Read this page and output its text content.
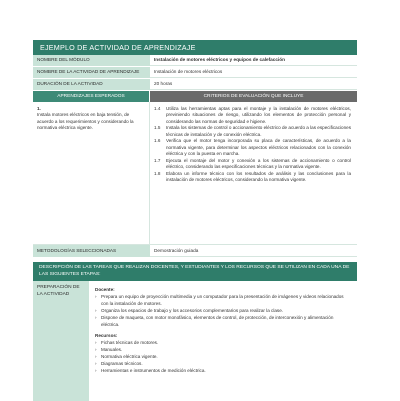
EJEMPLO DE ACTIVIDAD DE APRENDIZAJE
NOMBRE DEL MÓDULO	Instalación de motores eléctricos y equipos de calefacción
NOMBRE DE LA ACTIVIDAD DE APRENDIZAJE	Instalación de motores eléctricos
DURACIÓN DE LA ACTIVIDAD	20 horas
APRENDIZAJES ESPERADOS	CRITERIOS DE EVALUACIÓN QUE INCLUYE
1.
Instala motores eléctricos en baja tensión, de acuerdo a los requerimientos y considerando la normativa eléctrica vigente.
1.4	Utiliza las herramientas aptas para el montaje y la instalación de motores eléctricos, previniendo situaciones de riesgo, utilizando los elementos de protección personal y considerando las normas de seguridad e higiene.
1.5	Instala los sistemas de control o accionamiento eléctrico de acuerdo a las especificaciones técnicas de instalación y de conexión eléctrica.
1.6	Verifica que el motor tenga incorporada su placa de características, de acuerdo a la normativa vigente, para determinar los aspectos eléctricos relacionados con la conexión eléctrica y con la puesta en marcha.
1.7	Ejecuta el montaje del motor y conexión a los sistemas de accionamiento o control eléctrico, considerando las especificaciones técnicas y la normativa vigente.
1.8	Elabora un informe técnico con los resultados de análisis y las conclusiones para la instalación de motores eléctricos, considerando la normativa vigente.
METODOLOGÍAS SELECCIONADAS	Demostración guiada
DESCRIPCIÓN DE LAS TAREAS QUE REALIZAN DOCENTES, Y ESTUDIANTES Y LOS RECURSOS QUE SE UTILIZAN EN CADA UNA DE LAS SIGUIENTES ETAPAS:
PREPARACIÓN DE LA ACTIVIDAD
Docente:
› Prepara un equipo de proyección multimedia y un computador para la presentación de imágenes y videos relacionados con la instalación de motores.
› Organiza los espacios de trabajo y los accesorios complementarios para realizar la clase.
› Dispone de maqueta, con motor monofásico, elementos de control, de protección, de interconexión y alimentación eléctrica.
Recursos:
› Fichas técnicas de motores.
› Manuales.
› Normativa eléctrica vigente.
› Diagramas técnicos.
› Herramientas e instrumentos de medición eléctrica.
